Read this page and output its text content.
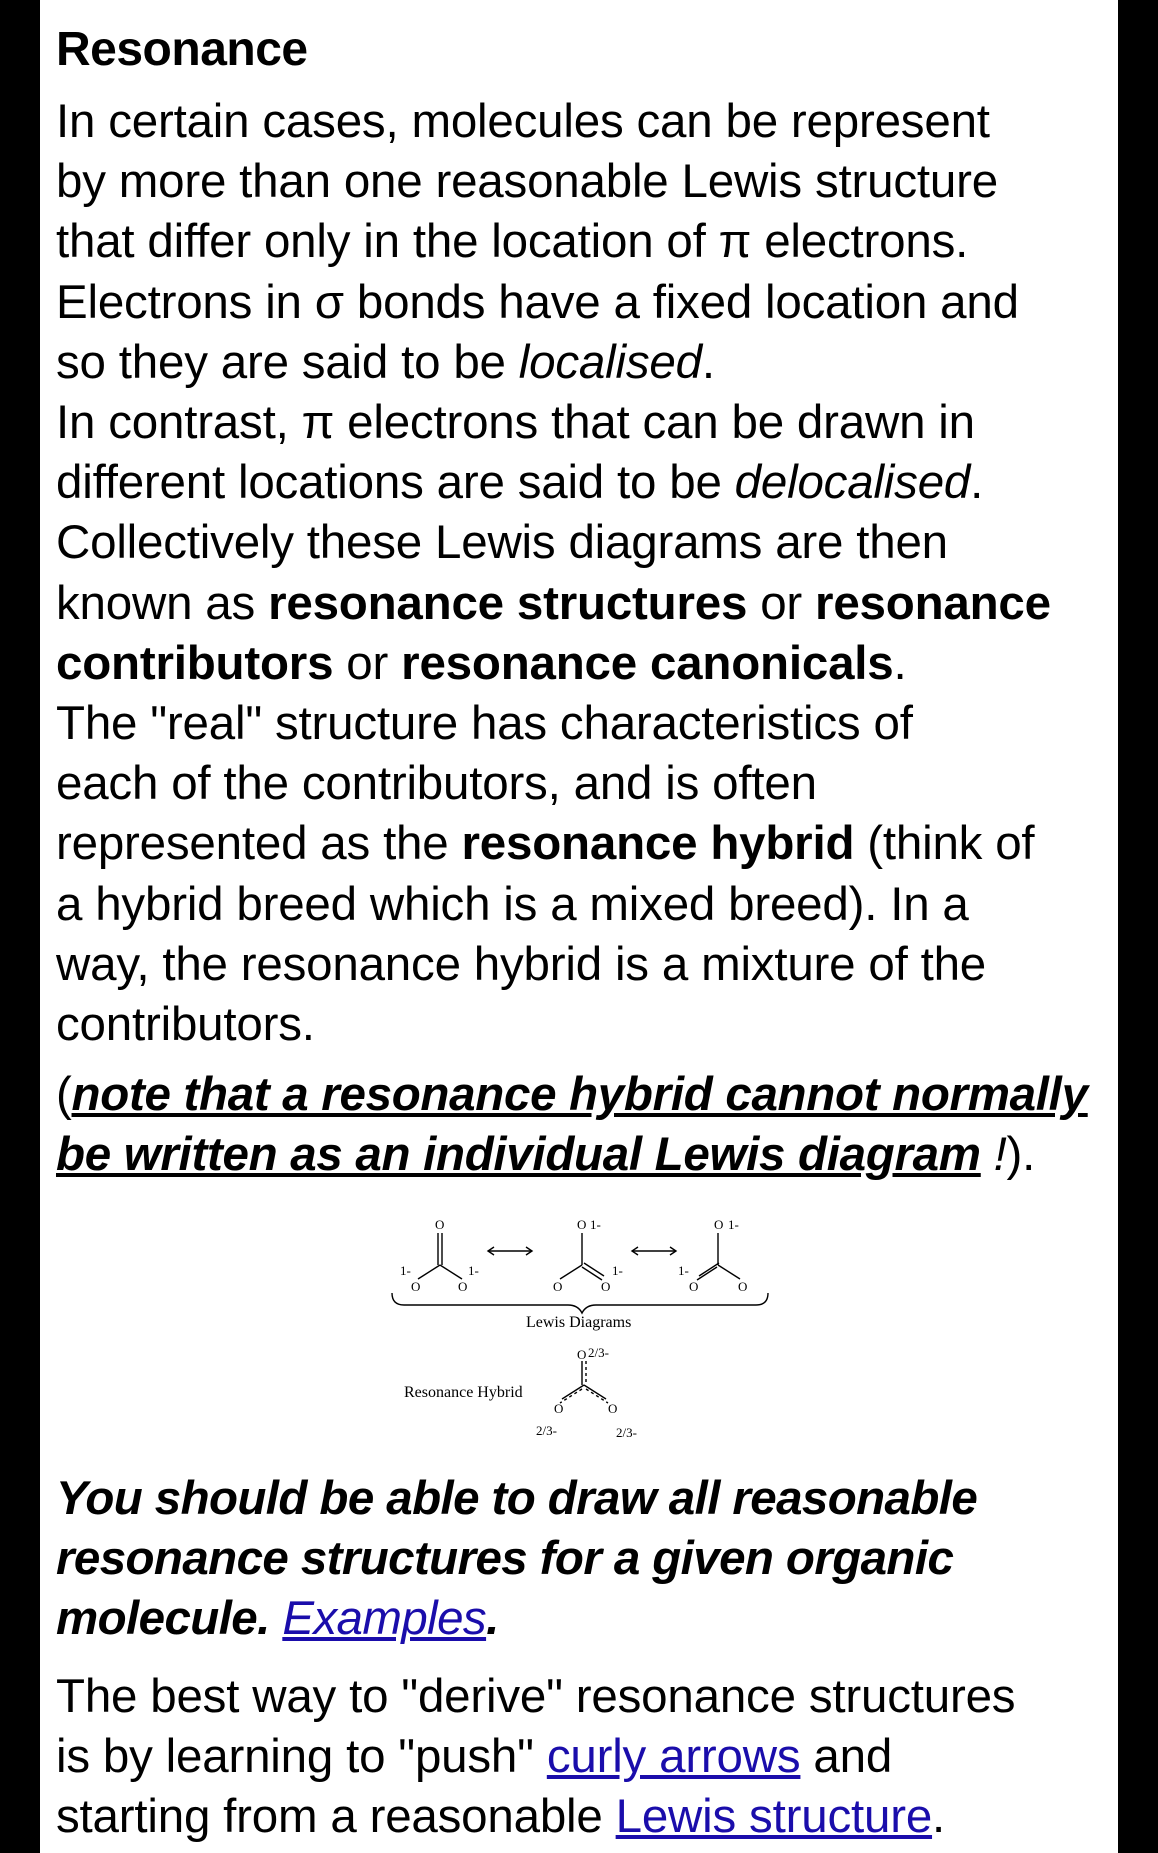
Resonance

In certain cases, molecules can be represent
by more than one reasonable Lewis structure
that differ only in the location of π electrons.
Electrons in σ bonds have a fixed location and
so they are said to be localised.

In contrast, π electrons that can be drawn in
different locations are said to be delocalised.

Collectively these Lewis diagrams are then
known as resonance structures or resonance
contributors or resonance canonicals.

The "real" structure has characteristics of
each of the contributors, and is often
represented as the resonance hybrid (think of
a hybrid breed which is a mixed breed). In a
way, the resonance hybrid is a mixture of the
contributors.

(note that a resonance hybrid cannot normally
be written as an individual Lewis diagram !).
O
O	O
1-	1-
O 1-
O	O
1-
O 1-
O	O
1-
Lewis Diagrams
Resonance Hybrid
O 2/3-
O	O
2/3-	2/3-
You should be able to draw all reasonable
resonance structures for a given organic
molecule. Examples.
The best way to "derive" resonance structures
is by learning to "push" curly arrows and
starting from a reasonable Lewis structure.
